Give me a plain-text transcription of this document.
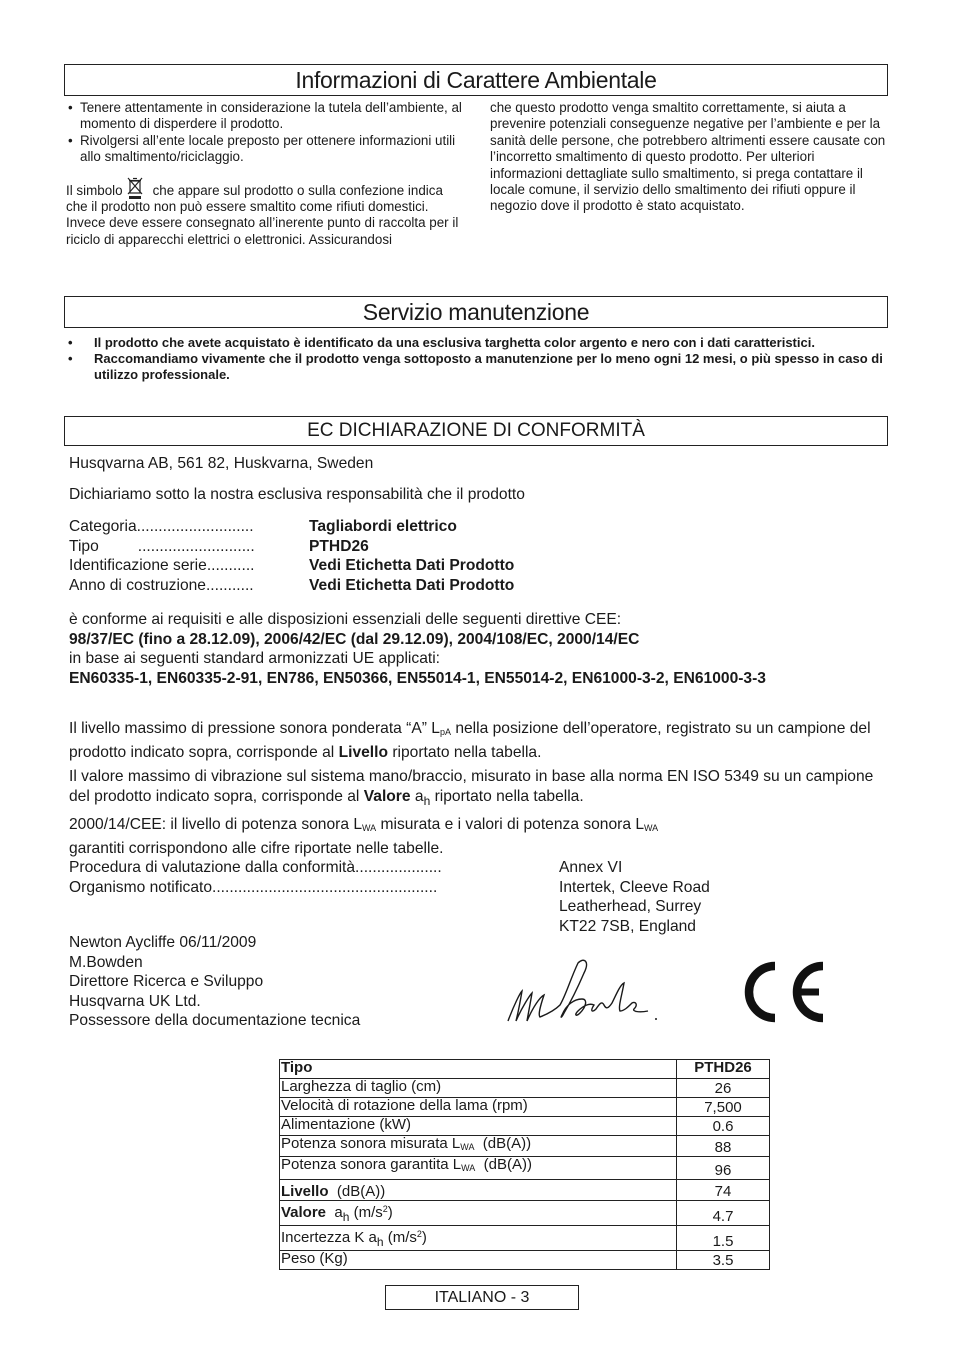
Informazioni di Carattere Ambientale
• Tenere attentamente in considerazione la tutela dell’ambiente, al momento di disperdere il prodotto.
• Rivolgersi all’ente locale preposto per ottenere informazioni utili allo smaltimento/riciclaggio.
Il simbolo che appare sul prodotto o sulla confezione indica che il prodotto non può essere smaltito come rifiuti domestici. Invece deve essere consegnato all’inerente punto di raccolta per il riciclo di apparecchi elettrici o elettronici. Assicurandosi
che questo prodotto venga smaltito correttamente, si aiuta a prevenire potenziali conseguenze negative per l’ambiente e per la sanità delle persone, che potrebbero altrimenti essere causate con l’incorretto smaltimento di questo prodotto. Per ulteriori informazioni dettagliate sullo smaltimento, si prega contattare il locale comune, il servizio dello smaltimento dei rifiuti oppure il negozio dove il prodotto è stato acquistato.
Servizio manutenzione
• Il prodotto che avete acquistato è identificato da una esclusiva targhetta color argento e nero con i dati caratteristici.
• Raccomandiamo vivamente che il prodotto venga sottoposto a manutenzione per lo meno ogni 12 mesi, o più spesso in caso di utilizzo professionale.
EC DICHIARAZIONE DI CONFORMITÀ

Husqvarna AB, 561 82, Huskvarna, Sweden

Dichiariamo sotto la nostra esclusiva responsabilità che il prodotto

Categoria...........................	Tagliabordi elettrico
Tipo         ...........................	PTHD26
Identificazione serie...........	Vedi Etichetta Dati Prodotto
Anno di costruzione...........	Vedi Etichetta Dati Prodotto

è conforme ai requisiti e alle disposizioni essenziali delle seguenti direttive CEE:

98/37/EC (fino a 28.12.09), 2006/42/EC (dal 29.12.09), 2004/108/EC, 2000/14/EC

in base ai seguenti standard armonizzati UE applicati:

EN60335-1, EN60335-2-91, EN786, EN50366, EN55014-1, EN55014-2, EN61000-3-2, EN61000-3-3

Il livello massimo di pressione sonora ponderata “A” $L_{pA}$ nella posizione dell’operatore, registrato su un campione del prodotto indicato sopra, corrisponde al Livello riportato nella tabella.

Il valore massimo di vibrazione sul sistema mano/braccio, misurato in base alla norma EN ISO 5349 su un campione del prodotto indicato sopra, corrisponde al Valore $a_h$ riportato nella tabella.

2000/14/CEE: il livello di potenza sonora $L_{WA}$ misurata e i valori di potenza sonora $L_{WA}$

garantiti corrispondono alle cifre riportate nelle tabelle.

Procedura di valutazione dalla conformità....................	Annex VI
Organismo notificato....................................................	Intertek, Cleeve Road
Leatherhead, Surrey
KT22 7SB, England

Newton Aycliffe 06/11/2009

M.Bowden

Direttore Ricerca e Sviluppo

Husqvarna UK Ltd.

Possessore della documentazione tecnica

Tipo	PTHD26
Larghezza di taglio (cm)	26
Velocità di rotazione della lama (rpm)	7,500
Alimentazione (kW)	0.6
Potenza sonora misurata $L_{WA}$  (dB(A))	88
Potenza sonora garantita $L_{WA}$  (dB(A))	96
Livello  (dB(A))	74
Valore  $a_h$ $(m/s^2)$	4.7
Incertezza K $a_h$ $(m/s^2)$	1.5
Peso (Kg)	3.5
ITALIANO - 3
